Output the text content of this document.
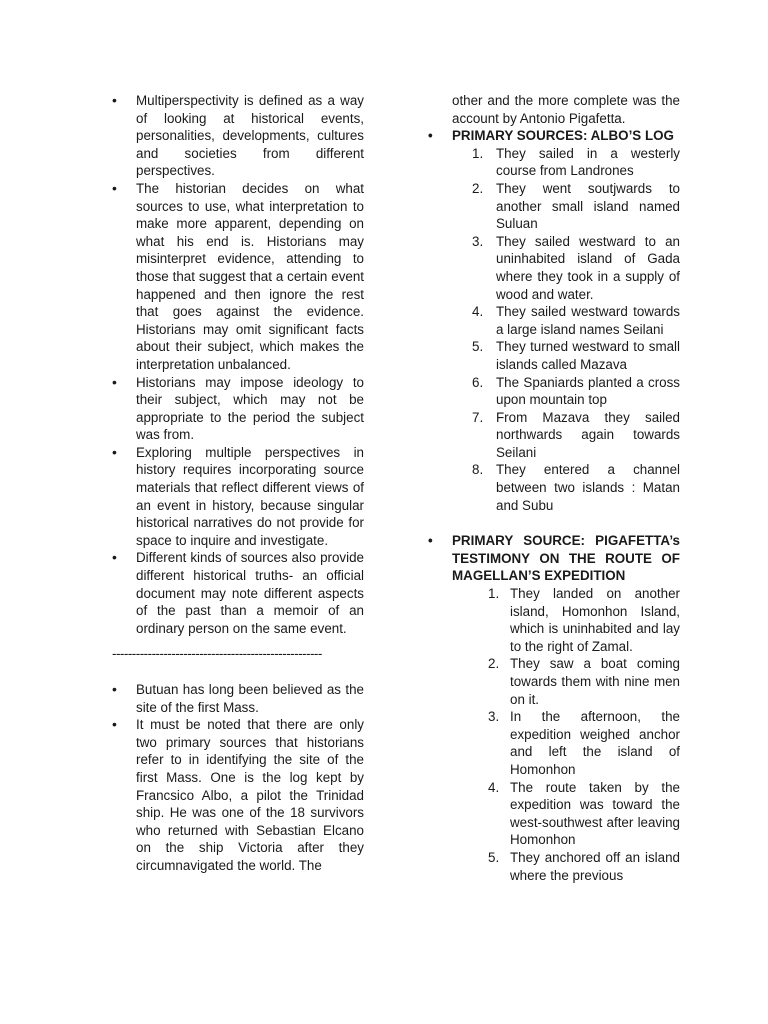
• Multiperspectivity is defined as a way of looking at historical events, personalities, developments, cultures and societies from different perspectives.
• The historian decides on what sources to use, what interpretation to make more apparent, depending on what his end is. Historians may misinterpret evidence, attending to those that suggest that a certain event happened and then ignore the rest that goes against the evidence. Historians may omit significant facts about their subject, which makes the interpretation unbalanced.
• Historians may impose ideology to their subject, which may not be appropriate to the period the subject was from.
• Exploring multiple perspectives in history requires incorporating source materials that reflect different views of an event in history, because singular historical narratives do not provide for space to inquire and investigate.
• Different kinds of sources also provide different historical truths- an official document may note different aspects of the past than a memoir of an ordinary person on the same event.
-----------------------------------------------------
• Butuan has long been believed as the site of the first Mass.
• It must be noted that there are only two primary sources that historians refer to in identifying the site of the first Mass. One is the log kept by Francsico Albo, a pilot the Trinidad ship. He was one of the 18 survivors who returned with Sebastian Elcano on the ship Victoria after they circumnavigated the world. The
other and the more complete was the account by Antonio Pigafetta.
• PRIMARY SOURCES: ALBO’S LOG
1. They sailed in a westerly course from Landrones
2. They went soutjwards to another small island named Suluan
3. They sailed westward to an uninhabited island of Gada where they took in a supply of wood and water.
4. They sailed westward towards a large island names Seilani
5. They turned westward to small islands called Mazava
6. The Spaniards planted a cross upon mountain top
7. From Mazava they sailed northwards again towards Seilani
8. They entered a channel between two islands : Matan and Subu
• PRIMARY SOURCE: PIGAFETTA’s TESTIMONY ON THE ROUTE OF MAGELLAN’S EXPEDITION
1. They landed on another island, Homonhon Island, which is uninhabited and lay to the right of Zamal.
2. They saw a boat coming towards them with nine men on it.
3. In the afternoon, the expedition weighed anchor and left the island of Homonhon
4. The route taken by the expedition was toward the west-southwest after leaving Homonhon
5. They anchored off an island where the previous
